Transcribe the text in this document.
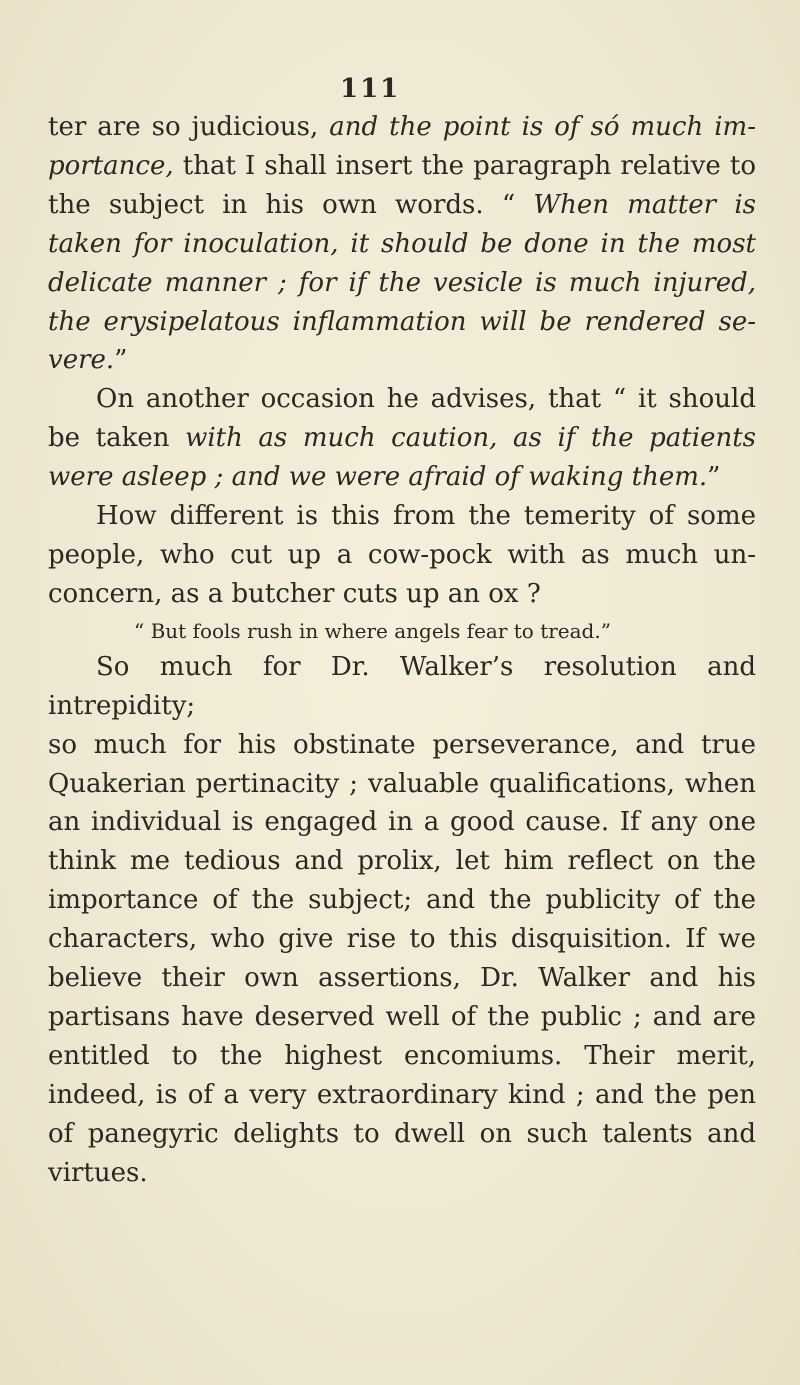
111

ter are so judicious, and the point is of só much im-

portance, that I shall insert the paragraph relative to

the subject in his own words. “ When matter is

taken for inoculation, it should be done in the most

delicate manner ; for if the vesicle is much injured,

the erysipelatous inflammation will be rendered se-

vere.”

On another occasion he advises, that “ it should

be taken with as much caution, as if the patients

were asleep ; and we were afraid of waking them.”

How different is this from the temerity of some

people, who cut up a cow-pock with as much un-

concern, as a butcher cuts up an ox ?

“ But fools rush in where angels fear to tread.”

So much for Dr. Walker’s resolution and intrepidity;

so much for his obstinate perseverance, and true

Quakerian pertinacity ; valuable qualifications, when

an individual is engaged in a good cause. If any one

think me tedious and prolix, let him reflect on the

importance of the subject; and the publicity of the

characters, who give rise to this disquisition. If we

believe their own assertions, Dr. Walker and his

partisans have deserved well of the public ; and are

entitled to the highest encomiums. Their merit,

indeed, is of a very extraordinary kind ; and the pen

of panegyric delights to dwell on such talents and

virtues.
